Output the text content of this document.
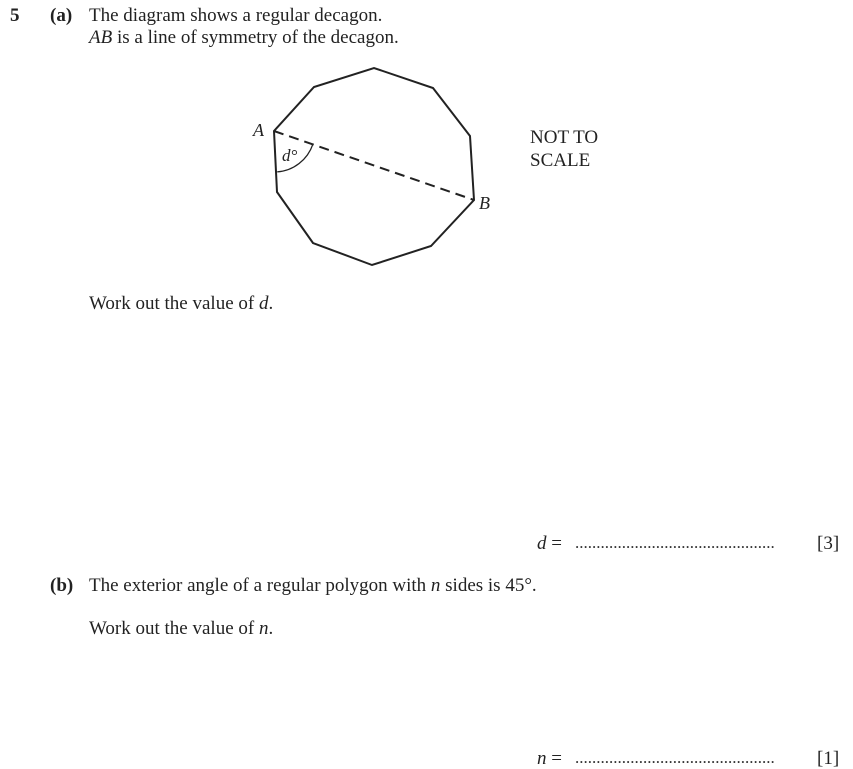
5 (a) The diagram shows a regular decagon.
AB is a line of symmetry of the decagon.
A
B
d°
NOT TO
SCALE
Work out the value of d.
d = ............................................... [3]
(b) The exterior angle of a regular polygon with n sides is 45°.
Work out the value of n.
n = ............................................... [1]
